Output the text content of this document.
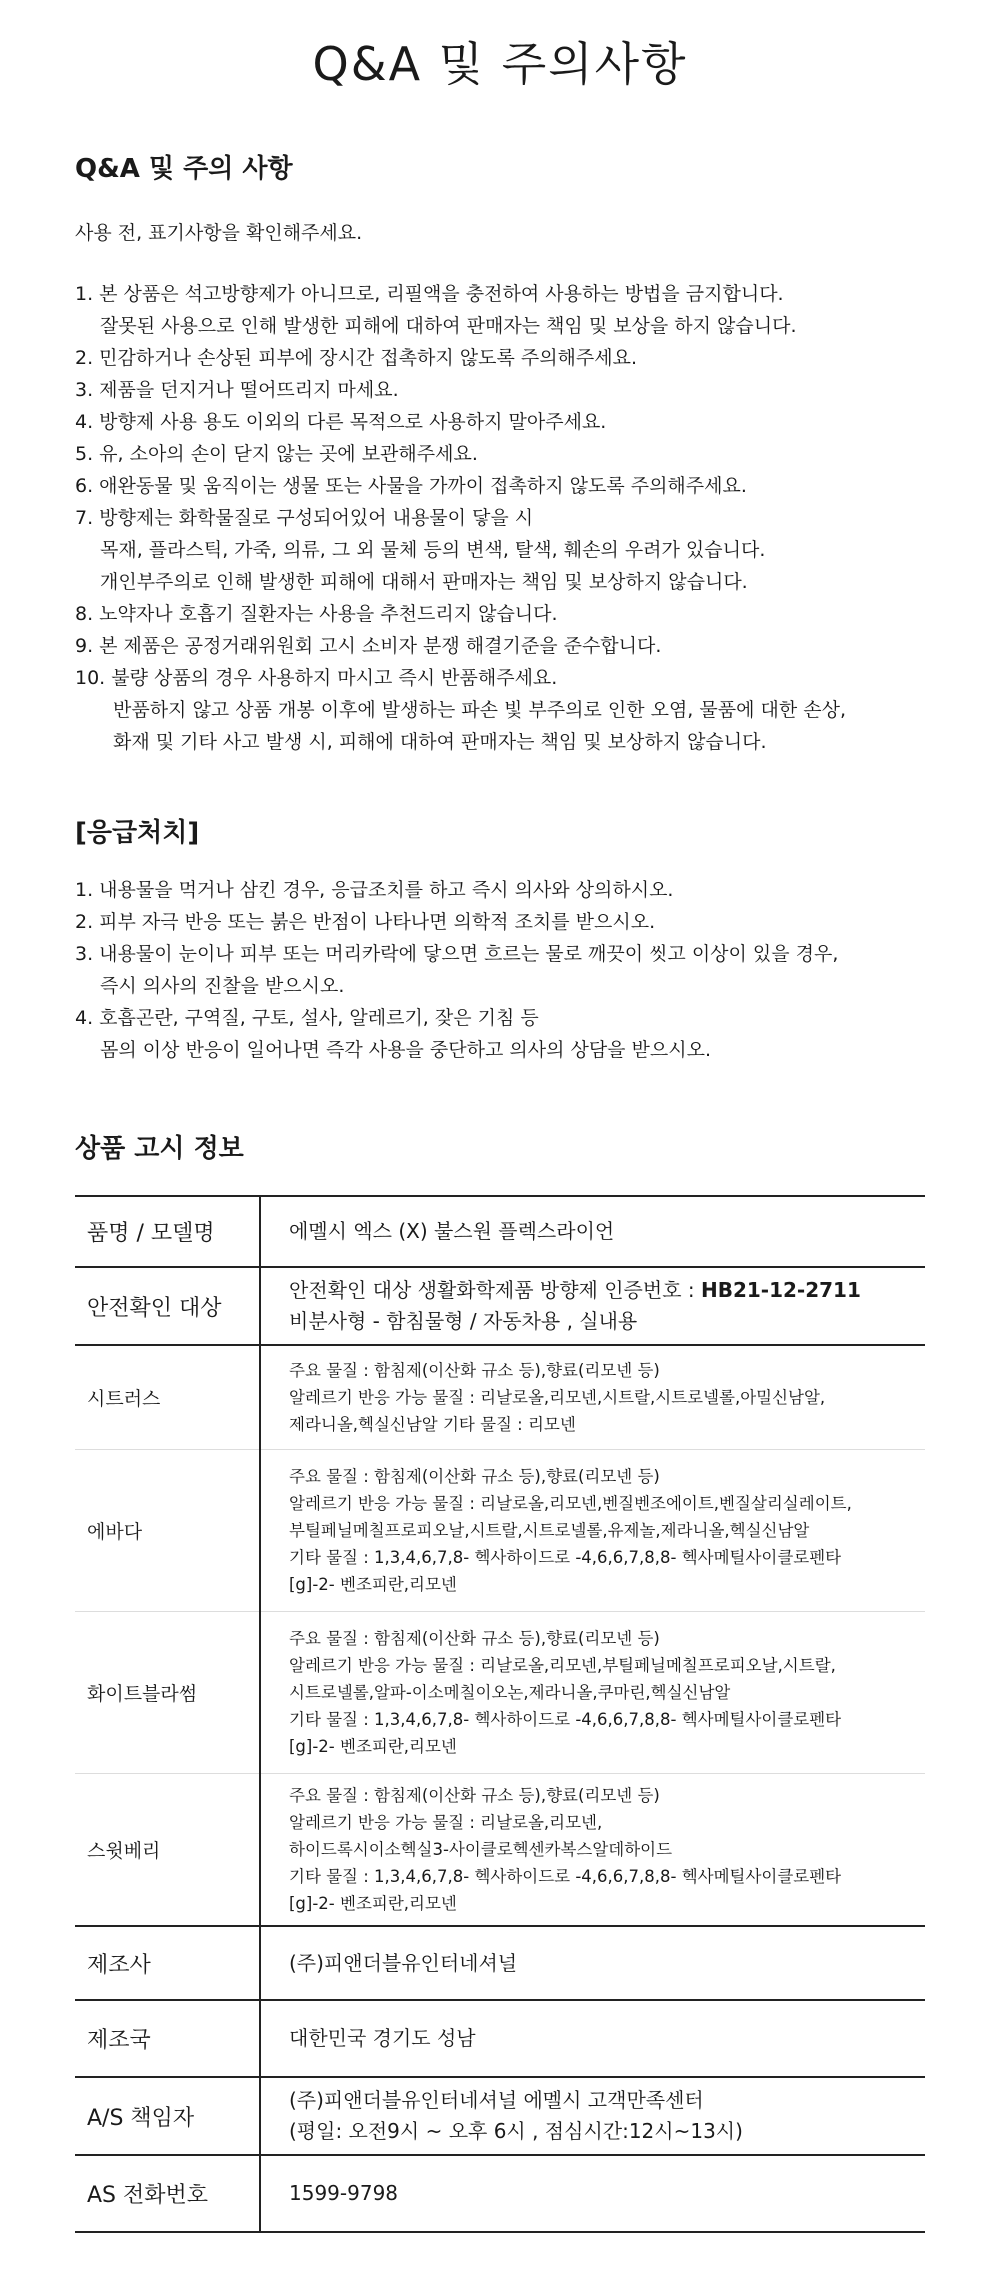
Q&A 및 주의사항
Q&A 및 주의 사항

사용 전, 표기사항을 확인해주세요.

1. 본 상품은 석고방향제가 아니므로, 리필액을 충전하여 사용하는 방법을 금지합니다.
잘못된 사용으로 인해 발생한 피해에 대하여 판매자는 책임 및 보상을 하지 않습니다.
2. 민감하거나 손상된 피부에 장시간 접촉하지 않도록 주의해주세요.
3. 제품을 던지거나 떨어뜨리지 마세요.
4. 방향제 사용 용도 이외의 다른 목적으로 사용하지 말아주세요.
5. 유, 소아의 손이 닫지 않는 곳에 보관해주세요.
6. 애완동물 및 움직이는 생물 또는 사물을 가까이 접촉하지 않도록 주의해주세요.
7. 방향제는 화학물질로 구성되어있어 내용물이 닿을 시
목재, 플라스틱, 가죽, 의류, 그 외 물체 등의 변색, 탈색, 훼손의 우려가 있습니다.
개인부주의로 인해 발생한 피해에 대해서 판매자는 책임 및 보상하지 않습니다.
8. 노약자나 호흡기 질환자는 사용을 추천드리지 않습니다.
9. 본 제품은 공정거래위원회 고시 소비자 분쟁 해결기준을 준수합니다.
10. 불량 상품의 경우 사용하지 마시고 즉시 반품해주세요.
반품하지 않고 상품 개봉 이후에 발생하는 파손 빛 부주의로 인한 오염, 물품에 대한 손상,
화재 및 기타 사고 발생 시, 피해에 대하여 판매자는 책임 및 보상하지 않습니다.
[응급처치]
1. 내용물을 먹거나 삼킨 경우, 응급조치를 하고 즉시 의사와 상의하시오.
2. 피부 자극 반응 또는 붉은 반점이 나타나면 의학적 조치를 받으시오.
3. 내용물이 눈이나 피부 또는 머리카락에 닿으면 흐르는 물로 깨끗이 씻고 이상이 있을 경우,
즉시 의사의 진찰을 받으시오.
4. 호흡곤란, 구역질, 구토, 설사, 알레르기, 잦은 기침 등
몸의 이상 반응이 일어나면 즉각 사용을 중단하고 의사의 상담을 받으시오.
상품 고시 정보
품명 / 모델명	에멜시 엑스 (X) 불스원 플렉스라이언
안전확인 대상	안전확인 대상 생활화학제품 방향제 인증번호 : HB21-12-2711
비분사형 - 함침물형 / 자동차용 , 실내용

시트러스	주요 물질 : 함침제(이산화 규소 등),향료(리모넨 등)
알레르기 반응 가능 물질 : 리날로올,리모넨,시트랄,시트로넬롤,아밀신남알,
제라니올,헥실신남알 기타 물질 : 리모넨

에바다	주요 물질 : 함침제(이산화 규소 등),향료(리모넨 등)
알레르기 반응 가능 물질 : 리날로올,리모넨,벤질벤조에이트,벤질살리실레이트,
부틸페닐메칠프로피오날,시트랄,시트로넬롤,유제놀,제라니올,헥실신남알
기타 물질 : 1,3,4,6,7,8- 헥사하이드로 -4,6,6,7,8,8- 헥사메틸사이클로펜타
[g]-2- 벤조피란,리모넨

화이트블라썸	주요 물질 : 함침제(이산화 규소 등),향료(리모넨 등)
알레르기 반응 가능 물질 : 리날로올,리모넨,부틸페닐메칠프로피오날,시트랄,
시트로넬롤,알파-이소메칠이오논,제라니올,쿠마린,헥실신남알
기타 물질 : 1,3,4,6,7,8- 헥사하이드로 -4,6,6,7,8,8- 헥사메틸사이클로펜타
[g]-2- 벤조피란,리모넨

스윗베리	주요 물질 : 함침제(이산화 규소 등),향료(리모넨 등)
알레르기 반응 가능 물질 : 리날로올,리모넨,
하이드록시이소헥실3-사이클로헥센카복스알데하이드
기타 물질 : 1,3,4,6,7,8- 헥사하이드로 -4,6,6,7,8,8- 헥사메틸사이클로펜타
[g]-2- 벤조피란,리모넨

제조사	(주)피앤더블유인터네셔널
제조국	대한민국 경기도 성남
A/S 책임자	(주)피앤더블유인터네셔널 에멜시 고객만족센터
(평일: 오전9시 ~ 오후 6시 , 점심시간:12시~13시)

AS 전화번호	1599-9798
